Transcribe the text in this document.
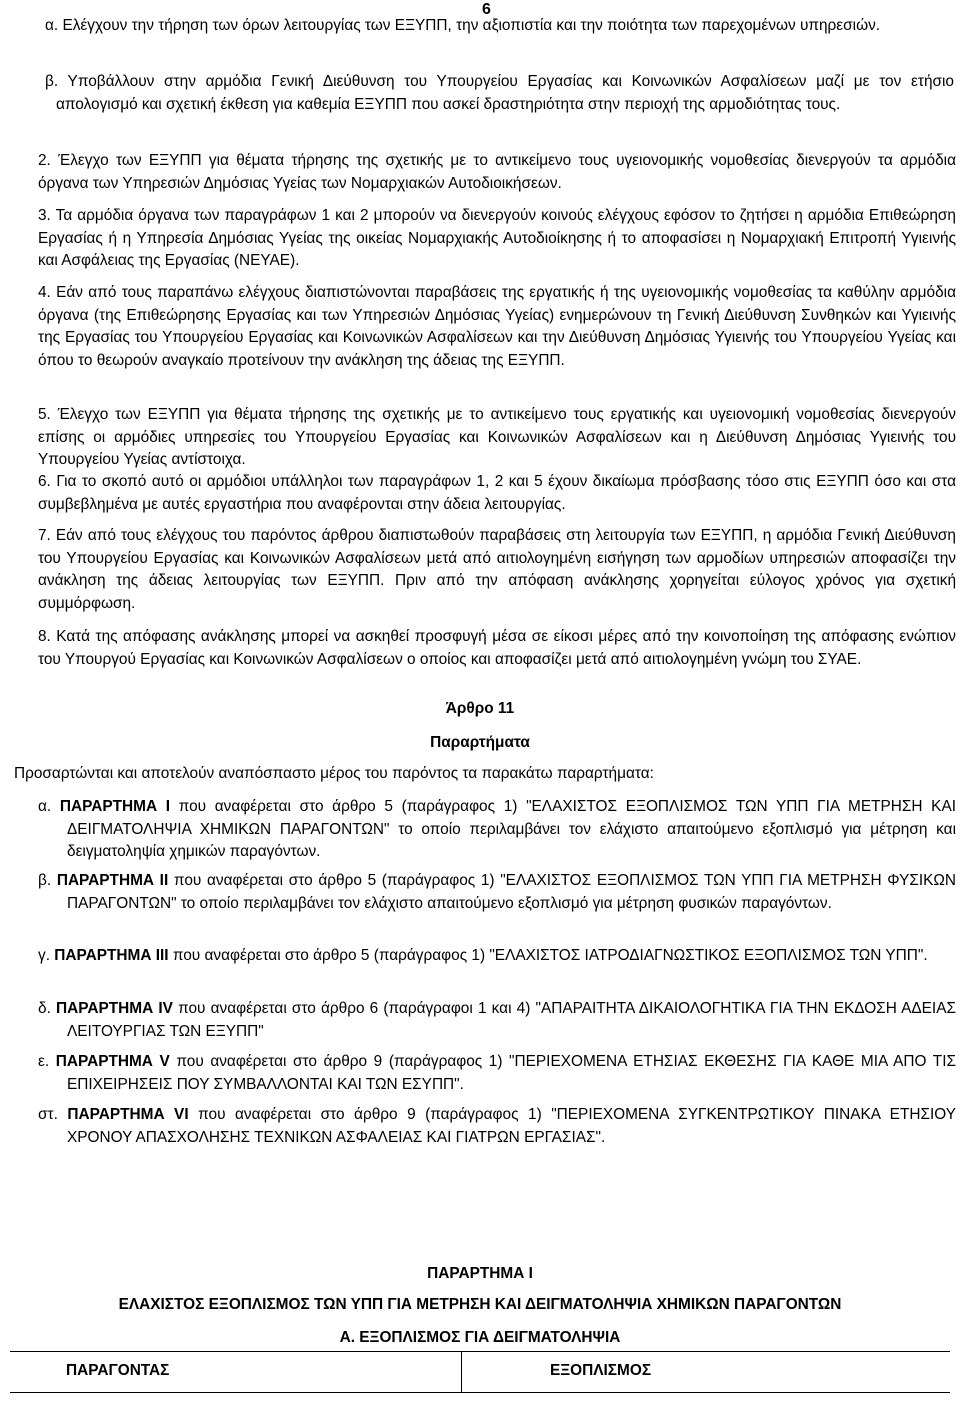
6
α. Ελέγχουν την τήρηση των όρων λειτουργίας των ΕΞΥΠΠ, την αξιοπιστία και την ποιότητα των παρεχομένων υπηρεσιών.
β. Υποβάλλουν στην αρμόδια Γενική Διεύθυνση του Υπουργείου Εργασίας και Κοινωνικών Ασφαλίσεων μαζί με τον ετήσιο απολογισμό και σχετική έκθεση για καθεμία ΕΞΥΠΠ που ασκεί δραστηριότητα στην περιοχή της αρμοδιότητας τους.
2. Έλεγχο των ΕΞΥΠΠ για θέματα τήρησης της σχετικής με το αντικείμενο τους υγειονομικής νομοθεσίας διενεργούν τα αρμόδια όργανα των Υπηρεσιών Δημόσιας Υγείας των Νομαρχιακών Αυτοδιοικήσεων.
3. Τα αρμόδια όργανα των παραγράφων 1 και 2 μπορούν να διενεργούν κοινούς ελέγχους εφόσον το ζητήσει η αρμόδια Επιθεώρηση Εργασίας ή η Υπηρεσία Δημόσιας Υγείας της οικείας Νομαρχιακής Αυτοδιοίκησης ή το αποφασίσει η Νομαρχιακή Επιτροπή Υγιεινής και Ασφάλειας της Εργασίας (ΝΕΥΑΕ).
4. Εάν από τους παραπάνω ελέγχους διαπιστώνονται παραβάσεις της εργατικής ή της υγειονομικής νομοθεσίας τα καθύλην αρμόδια όργανα (της Επιθεώρησης Εργασίας και των Υπηρεσιών Δημόσιας Υγείας) ενημερώνουν τη Γενική Διεύθυνση Συνθηκών και Υγιεινής της Εργασίας του Υπουργείου Εργασίας και Κοινωνικών Ασφαλίσεων και την Διεύθυνση Δημόσιας Υγιεινής του Υπουργείου Υγείας και όπου το θεωρούν αναγκαίο προτείνουν την ανάκληση της άδειας της ΕΞΥΠΠ.
5. Έλεγχο των ΕΞΥΠΠ για θέματα τήρησης της σχετικής με το αντικείμενο τους εργατικής και υγειονομική νομοθεσίας διενεργούν επίσης οι αρμόδιες υπηρεσίες του Υπουργείου Εργασίας και Κοινωνικών Ασφαλίσεων και η Διεύθυνση Δημόσιας Υγιεινής του Υπουργείου Υγείας αντίστοιχα.
6. Για το σκοπό αυτό οι αρμόδιοι υπάλληλοι των παραγράφων 1, 2 και 5 έχουν δικαίωμα πρόσβασης τόσο στις ΕΞΥΠΠ όσο και στα συμβεβλημένα με αυτές εργαστήρια που αναφέρονται στην άδεια λειτουργίας.
7. Εάν από τους ελέγχους του παρόντος άρθρου διαπιστωθούν παραβάσεις στη λειτουργία των ΕΞΥΠΠ, η αρμόδια Γενική Διεύθυνση του Υπουργείου Εργασίας και Κοινωνικών Ασφαλίσεων μετά από αιτιολογημένη εισήγηση των αρμοδίων υπηρεσιών αποφασίζει την ανάκληση της άδειας λειτουργίας των ΕΞΥΠΠ. Πριν από την απόφαση ανάκλησης χορηγείται εύλογος χρόνος για σχετική συμμόρφωση.
8. Κατά της απόφασης ανάκλησης μπορεί να ασκηθεί προσφυγή μέσα σε είκοσι μέρες από την κοινοποίηση της απόφασης ενώπιον του Υπουργού Εργασίας και Κοινωνικών Ασφαλίσεων ο οποίος και αποφασίζει μετά από αιτιολογημένη γνώμη του ΣΥΑΕ.
Άρθρο 11
Παραρτήματα
Προσαρτώνται και αποτελούν αναπόσπαστο μέρος του παρόντος τα παρακάτω παραρτήματα:
α. ΠΑΡΑΡΤΗΜΑ Ι που αναφέρεται στο άρθρο 5 (παράγραφος 1) "ΕΛΑΧΙΣΤΟΣ ΕΞΟΠΛΙΣΜΟΣ ΤΩΝ ΥΠΠ ΓΙΑ ΜΕΤΡΗΣΗ ΚΑΙ ΔΕΙΓΜΑΤΟΛΗΨΙΑ ΧΗΜΙΚΩΝ ΠΑΡΑΓΟΝΤΩΝ" το οποίο περιλαμβάνει τον ελάχιστο απαιτούμενο εξοπλισμό για μέτρηση και δειγματοληψία χημικών παραγόντων.
β. ΠΑΡΑΡΤΗΜΑ ΙΙ που αναφέρεται στο άρθρο 5 (παράγραφος 1) "ΕΛΑΧΙΣΤΟΣ ΕΞΟΠΛΙΣΜΟΣ ΤΩΝ ΥΠΠ ΓΙΑ ΜΕΤΡΗΣΗ ΦΥΣΙΚΩΝ ΠΑΡΑΓΟΝΤΩΝ" το οποίο περιλαμβάνει τον ελάχιστο απαιτούμενο εξοπλισμό για μέτρηση φυσικών παραγόντων.
γ. ΠΑΡΑΡΤΗΜΑ ΙΙΙ που αναφέρεται στο άρθρο 5 (παράγραφος 1) "ΕΛΑΧΙΣΤΟΣ ΙΑΤΡΟΔΙΑΓΝΩΣΤΙΚΟΣ ΕΞΟΠΛΙΣΜΟΣ ΤΩΝ ΥΠΠ".
δ. ΠΑΡΑΡΤΗΜΑ IV που αναφέρεται στο άρθρο 6 (παράγραφοι 1 και 4) "ΑΠΑΡΑΙΤΗΤΑ ΔΙΚΑΙΟΛΟΓΗΤΙΚΑ ΓΙΑ ΤΗΝ ΕΚΔΟΣΗ ΑΔΕΙΑΣ ΛΕΙΤΟΥΡΓΙΑΣ ΤΩΝ ΕΞΥΠΠ"
ε. ΠΑΡΑΡΤΗΜΑ V που αναφέρεται στο άρθρο 9 (παράγραφος 1) "ΠΕΡΙΕΧΟΜΕΝΑ ΕΤΗΣΙΑΣ ΕΚΘΕΣΗΣ ΓΙΑ ΚΑΘΕ ΜΙΑ ΑΠΟ ΤΙΣ ΕΠΙΧΕΙΡΗΣΕΙΣ ΠΟΥ ΣΥΜΒΑΛΛΟΝΤΑΙ ΚΑΙ ΤΩΝ ΕΣΥΠΠ".
στ. ΠΑΡΑΡΤΗΜΑ VI που αναφέρεται στο άρθρο 9 (παράγραφος 1) "ΠΕΡΙΕΧΟΜΕΝΑ ΣΥΓΚΕΝΤΡΩΤΙΚΟΥ ΠΙΝΑΚΑ ΕΤΗΣΙΟΥ ΧΡΟΝΟΥ ΑΠΑΣΧΟΛΗΣΗΣ ΤΕΧΝΙΚΩΝ ΑΣΦΑΛΕΙΑΣ ΚΑΙ ΓΙΑΤΡΩΝ ΕΡΓΑΣΙΑΣ".
ΠΑΡΑΡΤΗΜΑ Ι
ΕΛΑΧΙΣΤΟΣ ΕΞΟΠΛΙΣΜΟΣ ΤΩΝ ΥΠΠ ΓΙΑ ΜΕΤΡΗΣΗ ΚΑΙ ΔΕΙΓΜΑΤΟΛΗΨΙΑ ΧΗΜΙΚΩΝ ΠΑΡΑΓΟΝΤΩΝ
Α. ΕΞΟΠΛΙΣΜΟΣ ΓΙΑ ΔΕΙΓΜΑΤΟΛΗΨΙΑ
ΠΑΡΑΓΟΝΤΑΣ	ΕΞΟΠΛΙΣΜΟΣ
